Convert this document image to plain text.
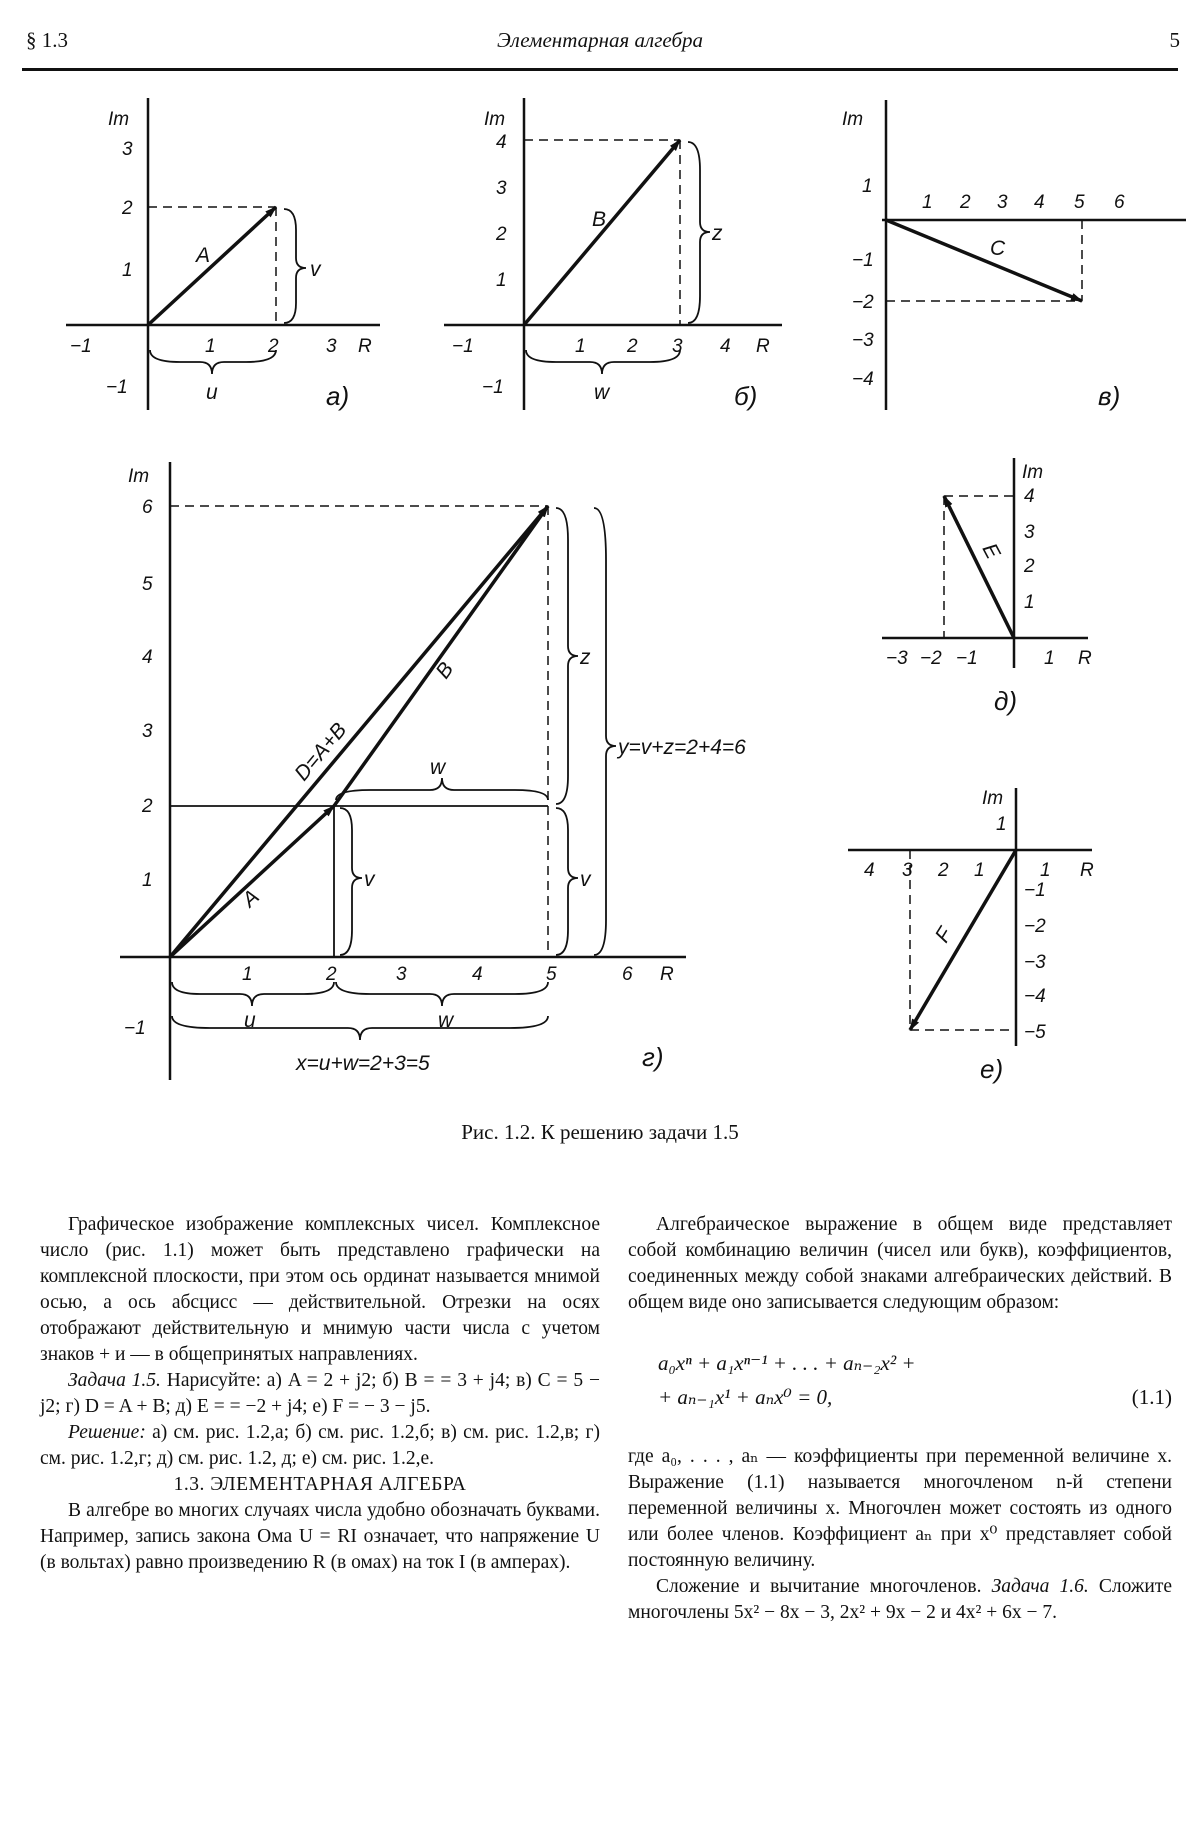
§ 1.3	Элементарная алгебра	5
Im
R
−1	1	2 3
3
2
1
−1
A
u
v
а)
Im
R
−1	1 2 3 4
4
3
2
1
−1
B
w
z
б)
Im
1 2 3 4 5 6
1
−1
−2
−3
−4
C
в)
Im
R
1	2	3	4	5	6
6
5
4
3
2
1
−1
D=A+B
A
B
w
v
z
v
y=v+z=2+4=6
u	w
x=u+w=2+3=5	г)
Im
R
−3 −2 −1	1
4
3
2
1
E
д)
Im
R
4 3 2 1	1
1
−1
−2
−3
−4
−5
F
е)
Рис. 1.2. К решению задачи 1.5

Графическое изображение комплексных чисел. Комплексное число (рис. 1.1) может быть представлено графически на комплексной плоскости, при этом ось ординат называется мнимой осью, а ось абсцисс — действительной. Отрезки на осях отображают действительную и мнимую части числа с учетом знаков + и — в общепринятых направлениях.

Задача 1.5. Нарисуйте: а) A = 2 + j2; б) B = = 3 + j4; в) C = 5 − j2; г) D = A + B; д) E = = −2 + j4; е) F = − 3 − j5.

Решение: а) см. рис. 1.2,а; б) см. рис. 1.2,б; в) см. рис. 1.2,в; г) см. рис. 1.2,г; д) см. рис. 1.2, д; е) см. рис. 1.2,е.

1.3. ЭЛЕМЕНТАРНАЯ АЛГЕБРА

В алгебре во многих случаях числа удобно обозначать буквами. Например, запись закона Ома U = RI означает, что напряжение U (в вольтах) равно произведению R (в омах) на ток I (в амперах).

Алгебраическое выражение в общем виде представляет собой комбинацию величин (чисел или букв), коэффициентов, соединенных между собой знаками алгебраических действий. В общем виде оно записывается следующим образом:

a₀xⁿ + a₁xⁿ⁻¹ + . . . + aₙ₋₂x² +
+ aₙ₋₁x¹ + aₙx⁰ = 0,	(1.1)

где a₀, . . . , aₙ — коэффициенты при переменной величине x. Выражение (1.1) называется многочленом n-й степени переменной величины x. Многочлен может состоять из одного или более членов. Коэффициент aₙ при x⁰ представляет собой постоянную величину.

Сложение и вычитание многочленов. Задача 1.6. Сложите многочлены 5x² − 8x − 3, 2x² + 9x − 2 и 4x² + 6x − 7.
